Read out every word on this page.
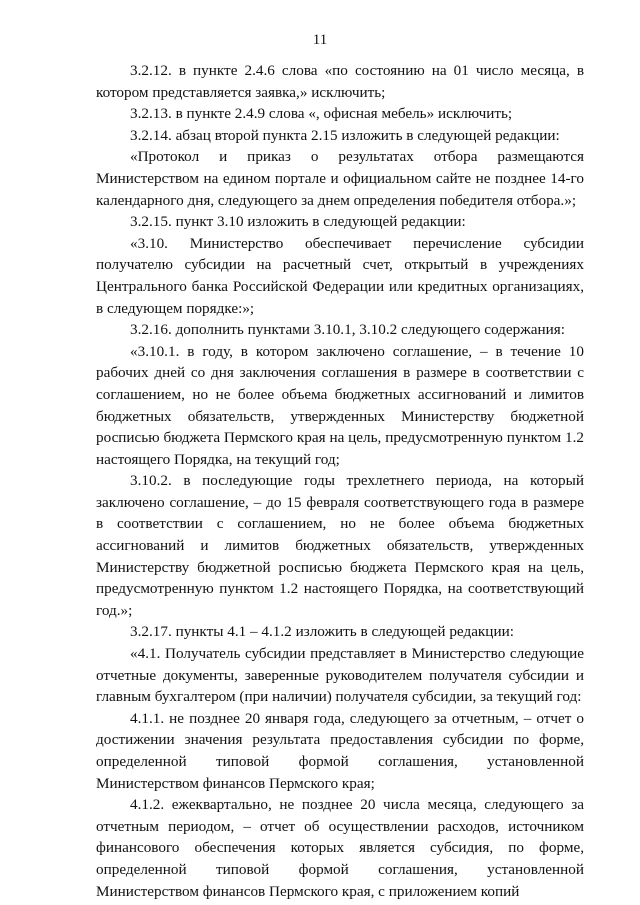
11

3.2.12. в пункте 2.4.6 слова «по состоянию на 01 число месяца, в котором представляется заявка,» исключить;

3.2.13. в пункте 2.4.9 слова «, офисная мебель» исключить;

3.2.14. абзац второй пункта 2.15 изложить в следующей редакции:

«Протокол и приказ о результатах отбора размещаются Министерством на едином портале и официальном сайте не позднее 14-го календарного дня, следующего за днем определения победителя отбора.»;

3.2.15. пункт 3.10 изложить в следующей редакции:

«3.10. Министерство обеспечивает перечисление субсидии получателю субсидии на расчетный счет, открытый в учреждениях Центрального банка Российской Федерации или кредитных организациях, в следующем порядке:»;

3.2.16. дополнить пунктами 3.10.1, 3.10.2 следующего содержания:

«3.10.1. в году, в котором заключено соглашение, – в течение 10 рабочих дней со дня заключения соглашения в размере в соответствии с соглашением, но не более объема бюджетных ассигнований и лимитов бюджетных обязательств, утвержденных Министерству бюджетной росписью бюджета Пермского края на цель, предусмотренную пунктом 1.2 настоящего Порядка, на текущий год;

3.10.2. в последующие годы трехлетнего периода, на который заключено соглашение, – до 15 февраля соответствующего года в размере в соответствии с соглашением, но не более объема бюджетных ассигнований и лимитов бюджетных обязательств, утвержденных Министерству бюджетной росписью бюджета Пермского края на цель, предусмотренную пунктом 1.2 настоящего Порядка, на соответствующий год.»;

3.2.17. пункты 4.1 – 4.1.2 изложить в следующей редакции:

«4.1. Получатель субсидии представляет в Министерство следующие отчетные документы, заверенные руководителем получателя субсидии и главным бухгалтером (при наличии) получателя субсидии, за текущий год:

4.1.1. не позднее 20 января года, следующего за отчетным, – отчет о достижении значения результата предоставления субсидии по форме, определенной типовой формой соглашения, установленной Министерством финансов Пермского края;

4.1.2. ежеквартально, не позднее 20 числа месяца, следующего за отчетным периодом, – отчет об осуществлении расходов, источником финансового обеспечения которых является субсидия, по форме, определенной типовой формой соглашения, установленной Министерством финансов Пермского края, с приложением копий
